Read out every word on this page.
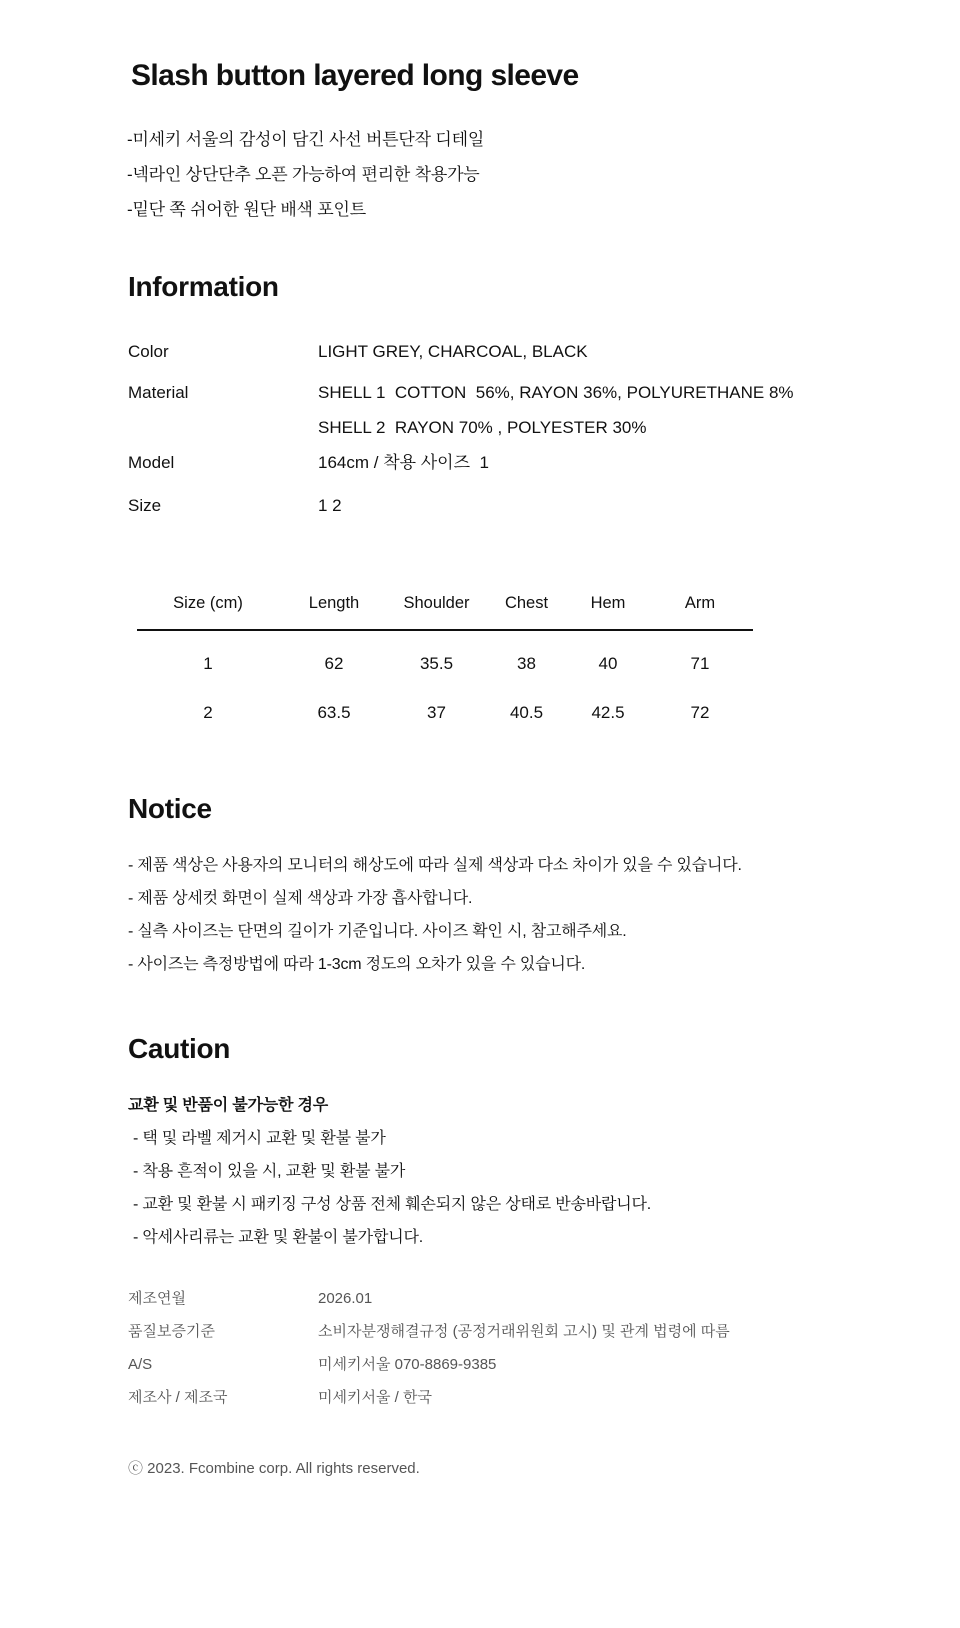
Slash button layered long sleeve
-미세키 서울의 감성이 담긴 사선 버튼단작 디테일
-넥라인 상단단추 오픈 가능하여 편리한 착용가능
-밑단 쪽 쉬어한 원단 배색 포인트
Information
Color	LIGHT GREY, CHARCOAL, BLACK
Material	SHELL 1  COTTON  56%, RAYON 36%, POLYURETHANE 8%
SHELL 2  RAYON 70% , POLYESTER 30%
Model	164cm / 착용 사이즈  1
Size	1 2
Size (cm)	Length	Shoulder	Chest	Hem	Arm
1	62	35.5	38	40	71
2	63.5	37	40.5	42.5	72
Notice
- 제품 색상은 사용자의 모니터의 해상도에 따라 실제 색상과 다소 차이가 있을 수 있습니다.
- 제품 상세컷 화면이 실제 색상과 가장 흡사합니다.
- 실측 사이즈는 단면의 길이가 기준입니다. 사이즈 확인 시, 참고해주세요.
- 사이즈는 측정방법에 따라 1-3cm 정도의 오차가 있을 수 있습니다.
Caution
교환 및 반품이 불가능한 경우
- 택 및 라벨 제거시 교환 및 환불 불가
- 착용 흔적이 있을 시, 교환 및 환불 불가
- 교환 및 환불 시 패키징 구성 상품 전체 훼손되지 않은 상태로 반송바랍니다.
- 악세사리류는 교환 및 환불이 불가합니다.
제조연월	2026.01
품질보증기준	소비자분쟁해결규정 (공정거래위원회 고시) 및 관계 법령에 따름
A/S	미세키서울 070-8869-9385
제조사 / 제조국	미세키서울 / 한국
ⓒ 2023. Fcombine corp. All rights reserved.
